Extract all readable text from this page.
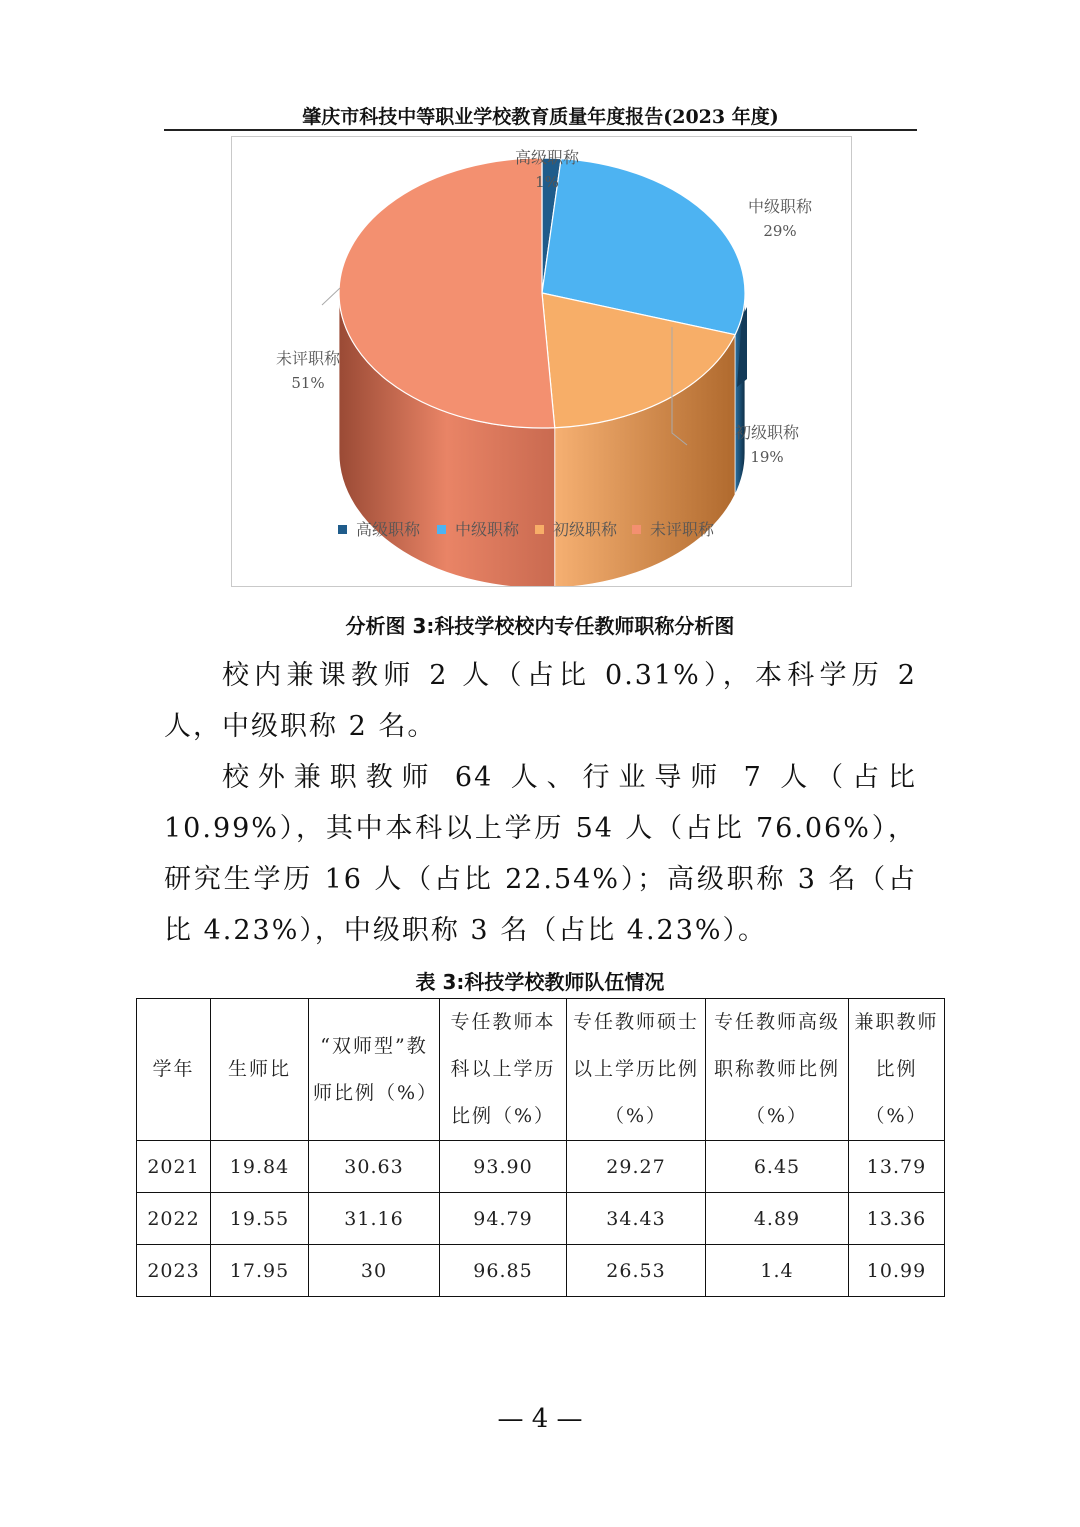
肇庆市科技中等职业学校教育质量年度报告(2023 年度)
高级职称
1%
中级职称
29%
初级职称
19%
未评职称
51%
高级职称 中级职称 初级职称 未评职称
分析图 3:科技学校校内专任教师职称分析图

校内兼课教师 2 人（占比 0.31%），本科学历 2 人，中级职称 2 名。

校外兼职教师 64 人、行业导师 7 人（占比 10.99%），其中本科以上学历 54 人（占比 76.06%），研究生学历 16 人（占比 22.54%）；高级职称 3 名（占比 4.23%），中级职称 3 名（占比 4.23%）。

表 3:科技学校教师队伍情况
学年	生师比	“双师型”教师比例（%）	专任教师本科以上学历比例（%）	专任教师硕士以上学历比例（%）	专任教师高级职称教师比例（%）	兼职教师比例（%）
2021	19.84	30.63	93.90	29.27	6.45	13.79
2022	19.55	31.16	94.79	34.43	4.89	13.36
2023	17.95	30	96.85	26.53	1.4	10.99
— 4 —
